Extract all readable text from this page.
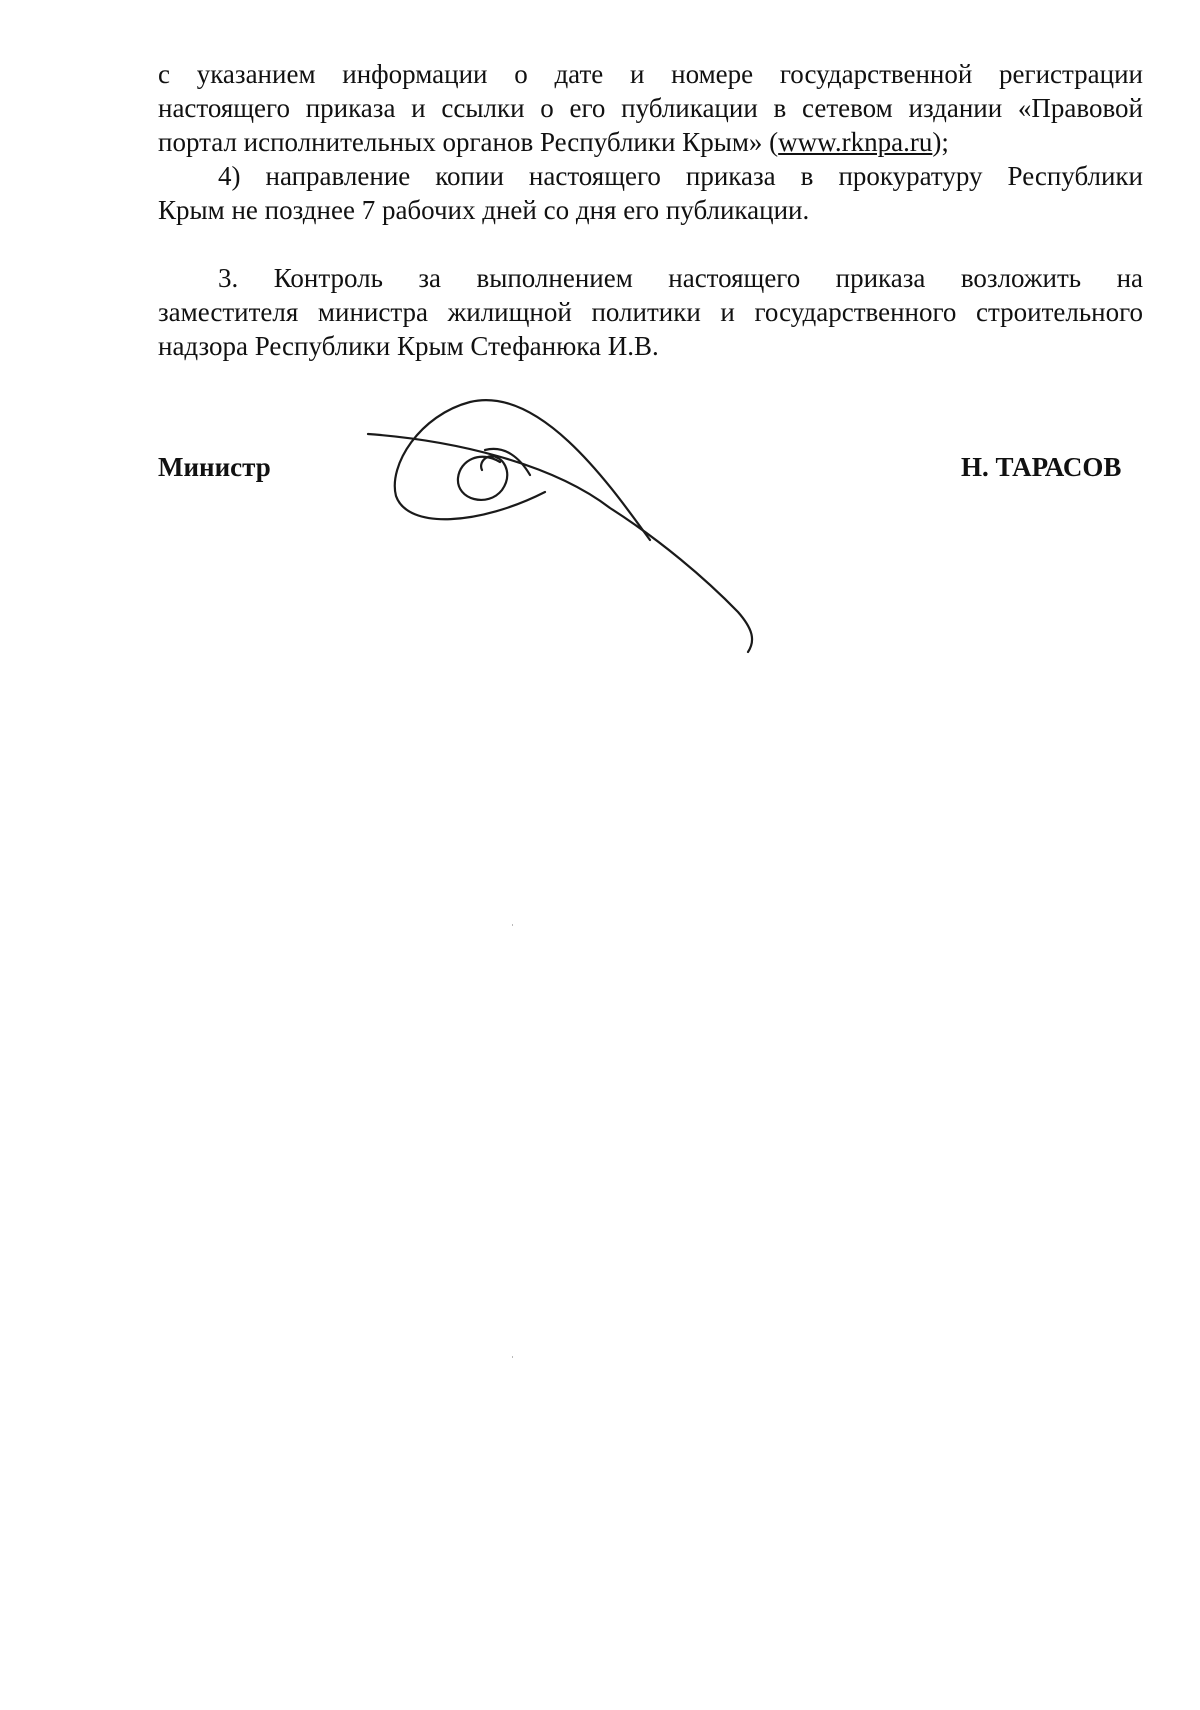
с указанием информации о дате и номере государственной регистрации

настоящего приказа и ссылки о его публикации в сетевом издании «Правовой

портал исполнительных органов Республики Крым» (www.rknpa.ru);

4) направление копии настоящего приказа в прокуратуру Республики

Крым не позднее 7 рабочих дней со дня его публикации.

3. Контроль за выполнением настоящего приказа возложить на

заместителя министра жилищной политики и государственного строительного

надзора Республики Крым Стефанюка И.В.

Министр	Н. ТАРАСОВ
